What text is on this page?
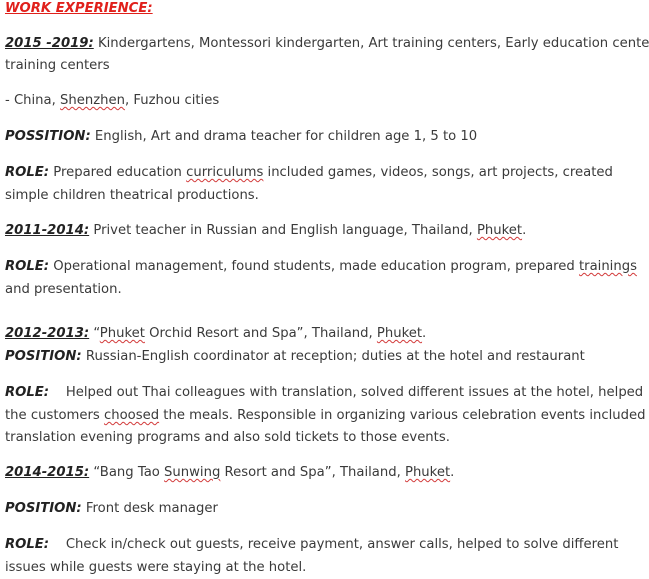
WORK EXPERIENCE:
2015 -2019: Kindergartens, Montessori kindergarten, Art training centers, Early education cente
training centers
- China, Shenzhen, Fuzhou cities
POSSITION: English, Art and drama teacher for children age 1, 5 to 10
ROLE: Prepared education curriculums included games, videos, songs, art projects, created
simple children theatrical productions.
2011-2014: Privet teacher in Russian and English language, Thailand, Phuket.
ROLE: Operational management, found students, made education program, prepared trainings
and presentation.
2012-2013: “Phuket Orchid Resort and Spa”, Thailand, Phuket.
POSITION: Russian-English coordinator at reception; duties at the hotel and restaurant
ROLE:    Helped out Thai colleagues with translation, solved different issues at the hotel, helped
the customers choosed the meals. Responsible in organizing various celebration events included
translation evening programs and also sold tickets to those events.
2014-2015: “Bang Tao Sunwing Resort and Spa”, Thailand, Phuket.
POSITION: Front desk manager
ROLE:    Check in/check out guests, receive payment, answer calls, helped to solve different
issues while guests were staying at the hotel.
